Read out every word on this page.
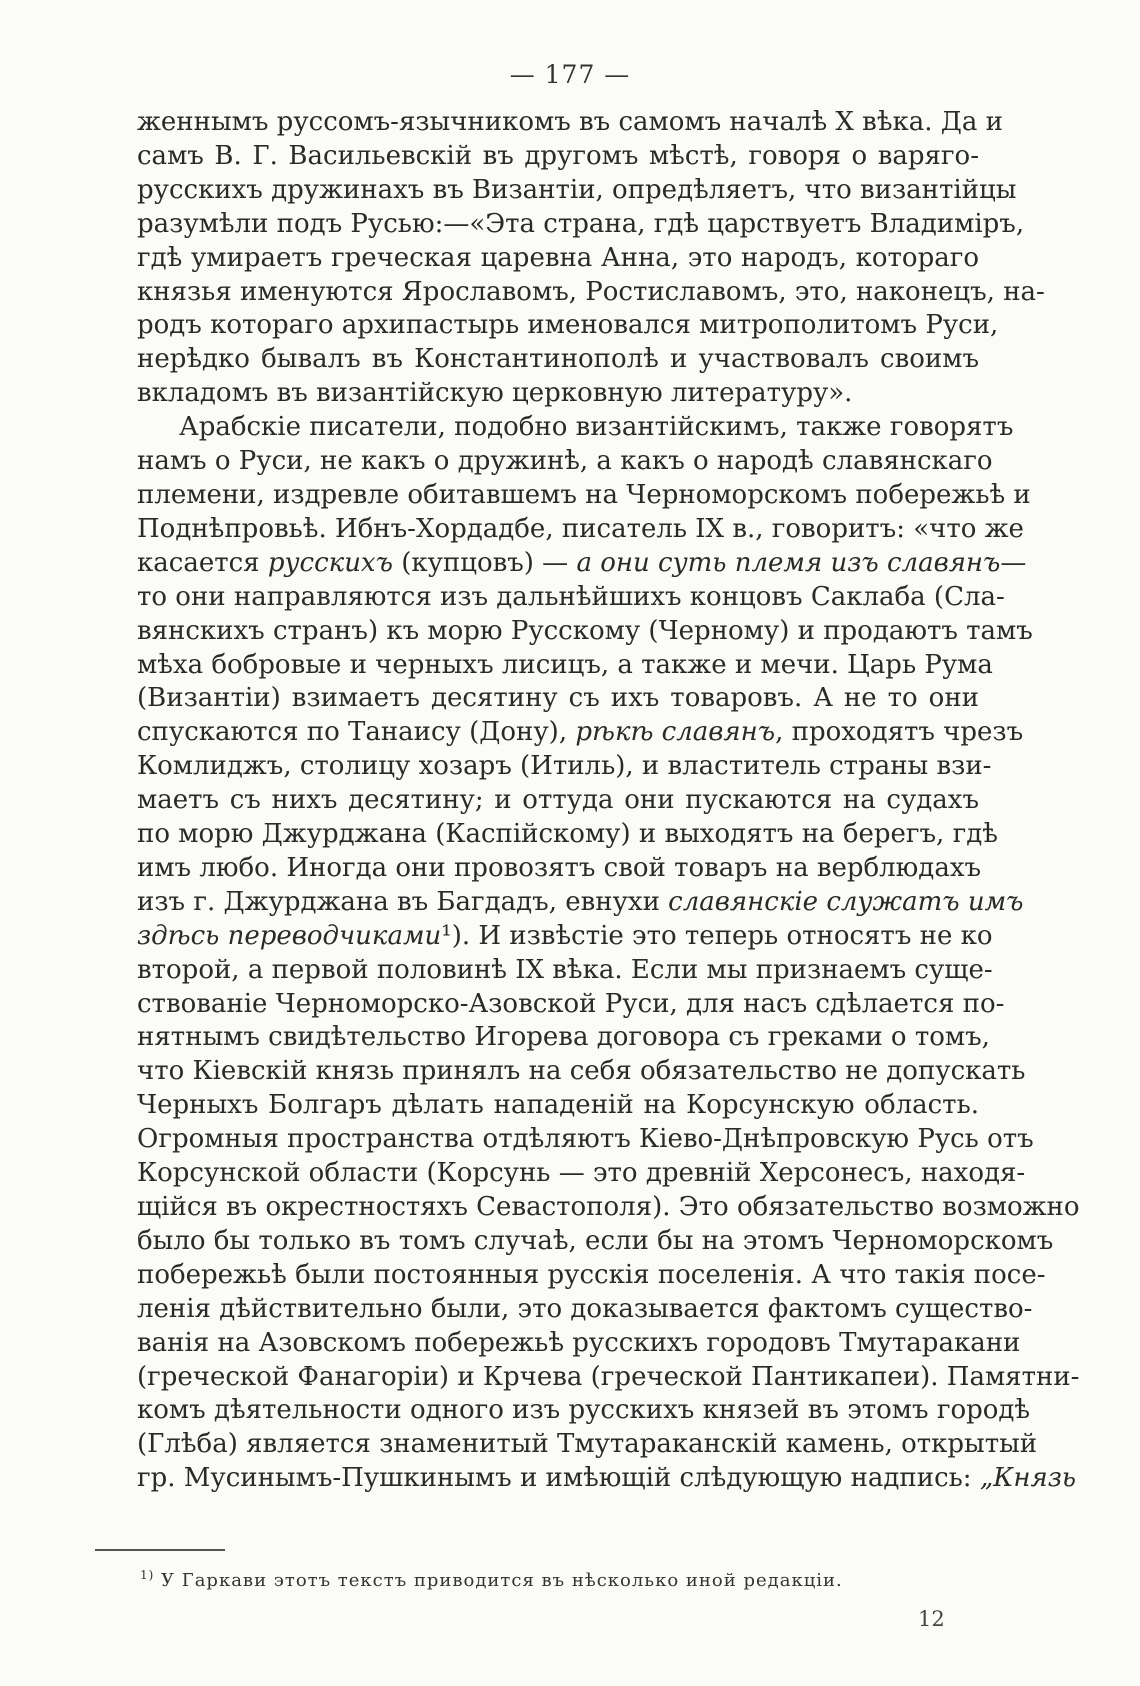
— 177 —
женнымъ руссомъ-язычникомъ въ самомъ началѣ X вѣка. Да и
самъ В. Г. Васильевскій въ другомъ мѣстѣ, говоря о варяго-
русскихъ дружинахъ въ Византіи, опредѣляетъ, что византійцы
разумѣли подъ Русью:—«Эта страна, гдѣ царствуетъ Владиміръ,
гдѣ умираетъ греческая царевна Анна, это народъ, котораго
князья именуются Ярославомъ, Ростиславомъ, это, наконецъ, на-
родъ котораго архипастырь именовался митрополитомъ Руси,
нерѣдко бывалъ въ Константинополѣ и участвовалъ своимъ
вкладомъ въ византійскую церковную литературу».
Арабскіе писатели, подобно византійскимъ, также говорятъ
намъ о Руси, не какъ о дружинѣ, а какъ о народѣ славянскаго
племени, издревле обитавшемъ на Черноморскомъ побережьѣ и
Поднѣпровьѣ. Ибнъ-Хордадбе, писатель IX в., говоритъ: «что же
касается русскихъ (купцовъ) — а они суть племя изъ славянъ—
то они направляются изъ дальнѣйшихъ концовъ Саклаба (Сла-
вянскихъ странъ) къ морю Русскому (Черному) и продаютъ тамъ
мѣха бобровые и черныхъ лисицъ, а также и мечи. Царь Рума
(Византіи) взимаетъ десятину съ ихъ товаровъ. А не то они
спускаются по Танаису (Дону), рѣкѣ славянъ, проходятъ чрезъ
Комлиджъ, столицу хозаръ (Итиль), и властитель страны взи-
маетъ съ нихъ десятину; и оттуда они пускаются на судахъ
по морю Джурджана (Каспійскому) и выходятъ на берегъ, гдѣ
имъ любо. Иногда они провозятъ свой товаръ на верблюдахъ
изъ г. Джурджана въ Багдадъ, евнухи славянскіе служатъ имъ
здѣсь переводчиками¹). И извѣстіе это теперь относятъ не ко
второй, а первой половинѣ IX вѣка. Если мы признаемъ суще-
ствованіе Черноморско-Азовской Руси, для насъ сдѣлается по-
нятнымъ свидѣтельство Игорева договора съ греками о томъ,
что Кіевскій князь принялъ на себя обязательство не допускать
Черныхъ Болгаръ дѣлать нападеній на Корсунскую область.
Огромныя пространства отдѣляютъ Кіево-Днѣпровскую Русь отъ
Корсунской области (Корсунь — это древній Херсонесъ, находя-
щійся въ окрестностяхъ Севастополя). Это обязательство возможно
было бы только въ томъ случаѣ, если бы на этомъ Черноморскомъ
побережьѣ были постоянныя русскія поселенія. А что такія посе-
ленія дѣйствительно были, это доказывается фактомъ существо-
ванія на Азовскомъ побережьѣ русскихъ городовъ Тмутаракани
(греческой Фанагоріи) и Крчева (греческой Пантикапеи). Памятни-
комъ дѣятельности одного изъ русскихъ князей въ этомъ городѣ
(Глѣба) является знаменитый Тмутараканскій камень, открытый
гр. Мусинымъ-Пушкинымъ и имѣющій слѣдующую надпись: „Князь
$^{1)}$ У Гаркави этотъ текстъ приводится въ нѣсколько иной редакціи.
12
